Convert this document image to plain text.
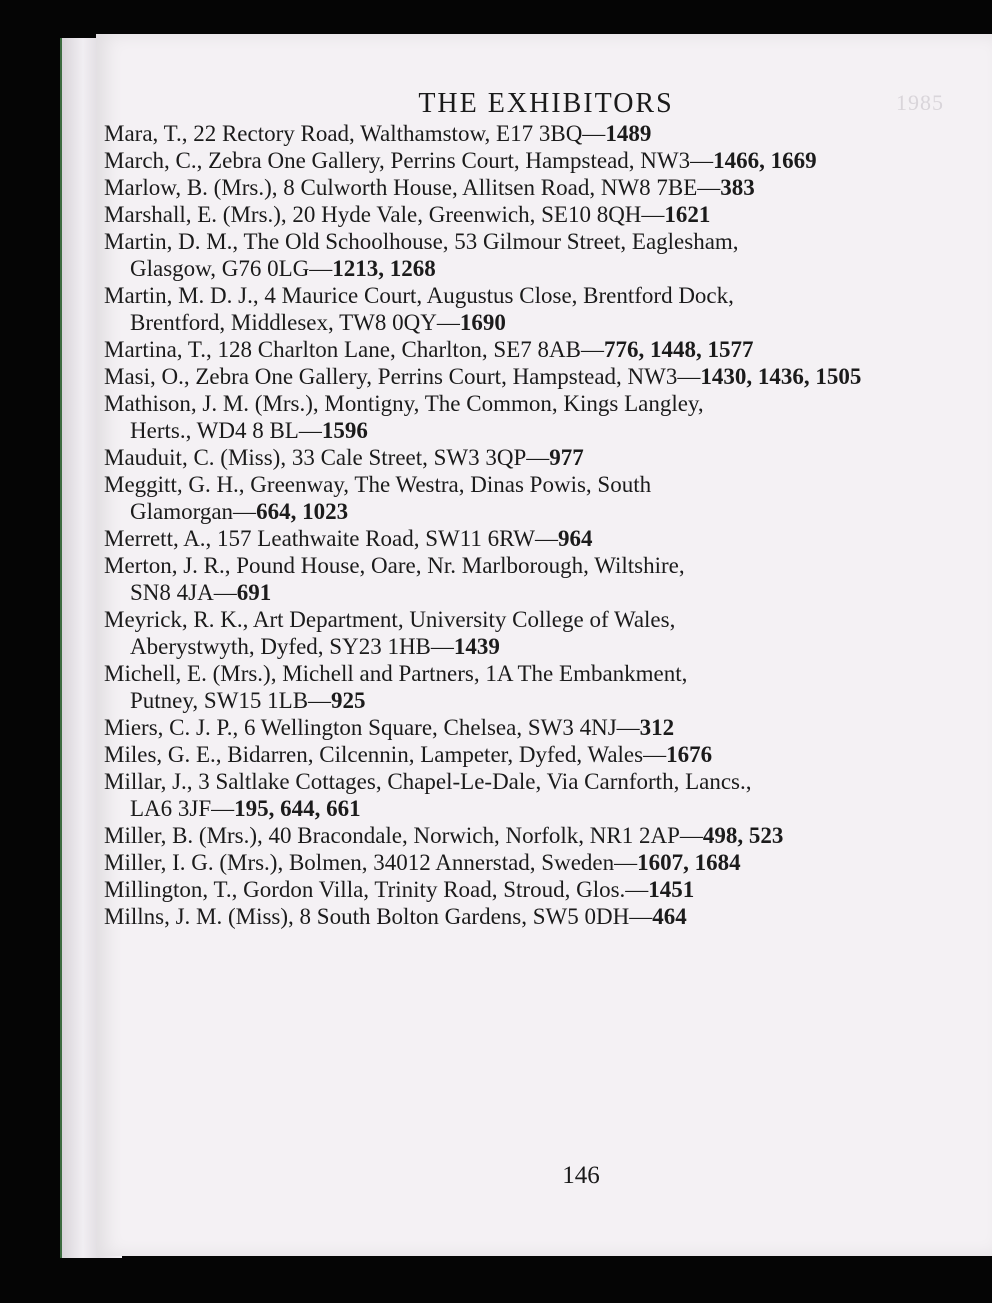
1985
THE EXHIBITORS
146

Mara, T., 22 Rectory Road, Walthamstow, E17 3BQ—1489

March, C., Zebra One Gallery, Perrins Court, Hampstead, NW3—1466, 1669

Marlow, B. (Mrs.), 8 Culworth House, Allitsen Road, NW8 7BE—383

Marshall, E. (Mrs.), 20 Hyde Vale, Greenwich, SE10 8QH—1621

Martin, D. M., The Old Schoolhouse, 53 Gilmour Street, Eaglesham,
Glasgow, G76 0LG—1213, 1268

Martin, M. D. J., 4 Maurice Court, Augustus Close, Brentford Dock,
Brentford, Middlesex, TW8 0QY—1690

Martina, T., 128 Charlton Lane, Charlton, SE7 8AB—776, 1448, 1577

Masi, O., Zebra One Gallery, Perrins Court, Hampstead, NW3—1430, 1436, 1505

Mathison, J. M. (Mrs.), Montigny, The Common, Kings Langley,
Herts., WD4 8 BL—1596

Mauduit, C. (Miss), 33 Cale Street, SW3 3QP—977

Meggitt, G. H., Greenway, The Westra, Dinas Powis, South
Glamorgan—664, 1023

Merrett, A., 157 Leathwaite Road, SW11 6RW—964

Merton, J. R., Pound House, Oare, Nr. Marlborough, Wiltshire,
SN8 4JA—691

Meyrick, R. K., Art Department, University College of Wales,
Aberystwyth, Dyfed, SY23 1HB—1439

Michell, E. (Mrs.), Michell and Partners, 1A The Embankment,
Putney, SW15 1LB—925

Miers, C. J. P., 6 Wellington Square, Chelsea, SW3 4NJ—312

Miles, G. E., Bidarren, Cilcennin, Lampeter, Dyfed, Wales—1676

Millar, J., 3 Saltlake Cottages, Chapel-Le-Dale, Via Carnforth, Lancs.,
LA6 3JF—195, 644, 661

Miller, B. (Mrs.), 40 Bracondale, Norwich, Norfolk, NR1 2AP—498, 523

Miller, I. G. (Mrs.), Bolmen, 34012 Annerstad, Sweden—1607, 1684

Millington, T., Gordon Villa, Trinity Road, Stroud, Glos.—1451

Millns, J. M. (Miss), 8 South Bolton Gardens, SW5 0DH—464
